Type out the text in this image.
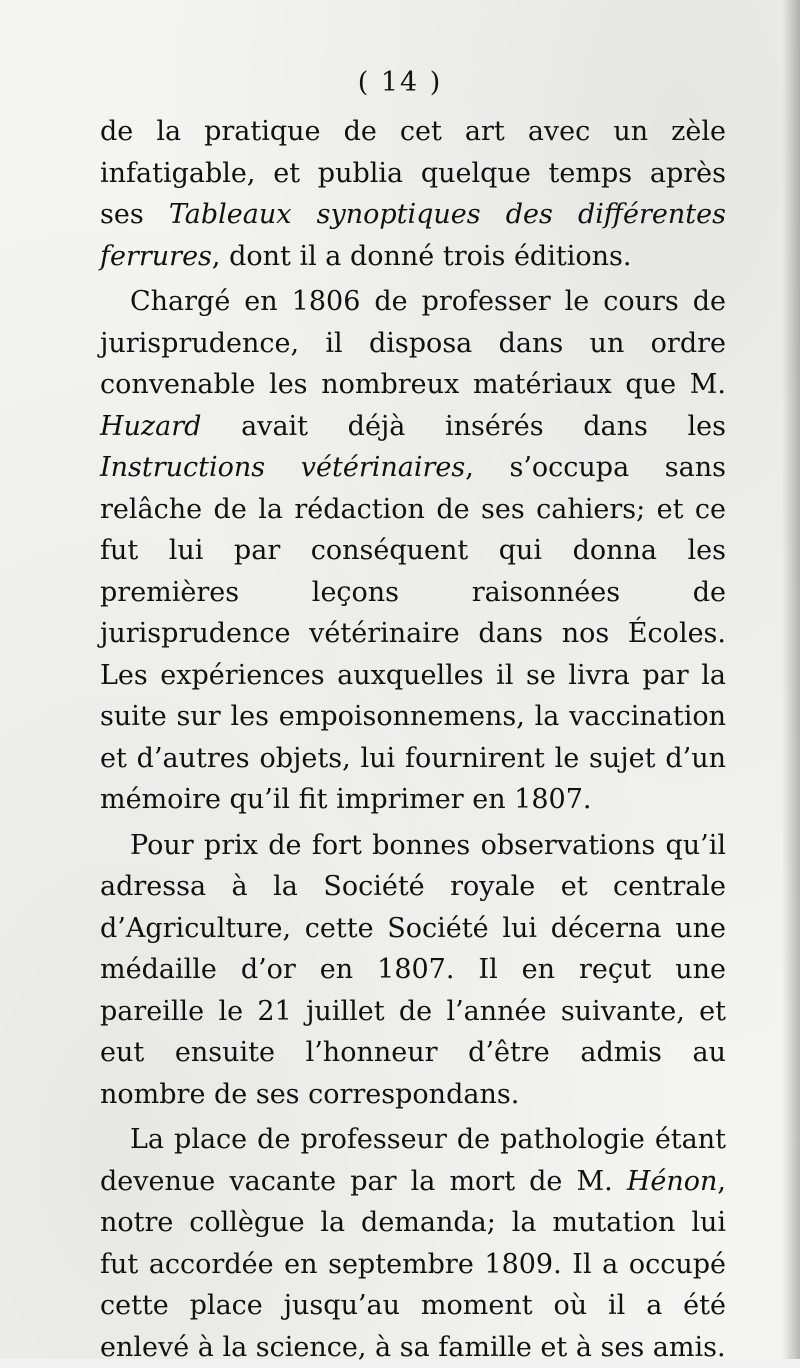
( 14 )

de la pratique de cet art avec un zèle infatigable, et publia quelque temps après ses Tableaux synoptiques des différentes ferrures, dont il a donné trois éditions.

Chargé en 1806 de professer le cours de jurisprudence, il disposa dans un ordre convenable les nombreux matériaux que M. Huzard avait déjà insérés dans les Instructions vétérinaires, s’occupa sans relâche de la rédaction de ses cahiers; et ce fut lui par conséquent qui donna les premières leçons raisonnées de jurisprudence vétérinaire dans nos Écoles. Les expériences auxquelles il se livra par la suite sur les empoisonnemens, la vaccination et d’autres objets, lui fournirent le sujet d’un mémoire qu’il fit imprimer en 1807.

Pour prix de fort bonnes observations qu’il adressa à la Société royale et centrale d’Agriculture, cette Société lui décerna une médaille d’or en 1807. Il en reçut une pareille le 21 juillet de l’année suivante, et eut ensuite l’honneur d’être admis au nombre de ses correspondans.

La place de professeur de pathologie étant devenue vacante par la mort de M. Hénon, notre collègue la demanda; la mutation lui fut accordée en septembre 1809. Il a occupé cette place jusqu’au moment où il a été enlevé à la science, à sa famille et à ses amis.
